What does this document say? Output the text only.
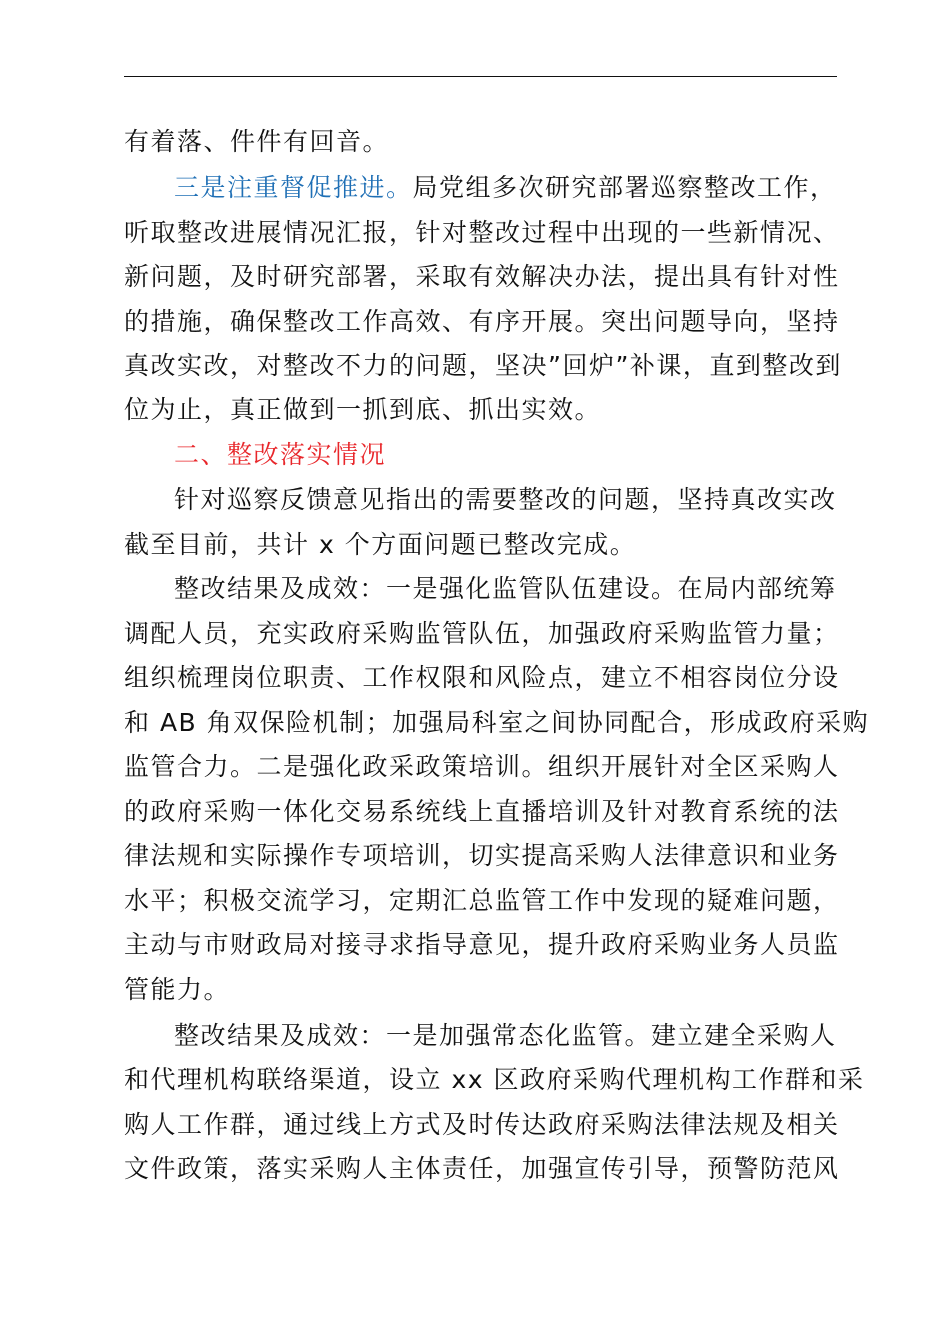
有着落、件件有回音。
三是注重督促推进。局党组多次研究部署巡察整改工作，
听取整改进展情况汇报，针对整改过程中出现的一些新情况、
新问题，及时研究部署，采取有效解决办法，提出具有针对性
的措施，确保整改工作高效、有序开展。突出问题导向，坚持
真改实改，对整改不力的问题，坚决”回炉”补课，直到整改到
位为止，真正做到一抓到底、抓出实效。
二、整改落实情况
针对巡察反馈意见指出的需要整改的问题，坚持真改实改
截至目前，共计 x 个方面问题已整改完成。
整改结果及成效：一是强化监管队伍建设。在局内部统筹
调配人员，充实政府采购监管队伍，加强政府采购监管力量；
组织梳理岗位职责、工作权限和风险点，建立不相容岗位分设
和 AB 角双保险机制；加强局科室之间协同配合，形成政府采购
监管合力。二是强化政采政策培训。组织开展针对全区采购人
的政府采购一体化交易系统线上直播培训及针对教育系统的法
律法规和实际操作专项培训，切实提高采购人法律意识和业务
水平；积极交流学习，定期汇总监管工作中发现的疑难问题，
主动与市财政局对接寻求指导意见，提升政府采购业务人员监
管能力。
整改结果及成效：一是加强常态化监管。建立建全采购人
和代理机构联络渠道，设立 xx 区政府采购代理机构工作群和采
购人工作群，通过线上方式及时传达政府采购法律法规及相关
文件政策，落实采购人主体责任，加强宣传引导，预警防范风
